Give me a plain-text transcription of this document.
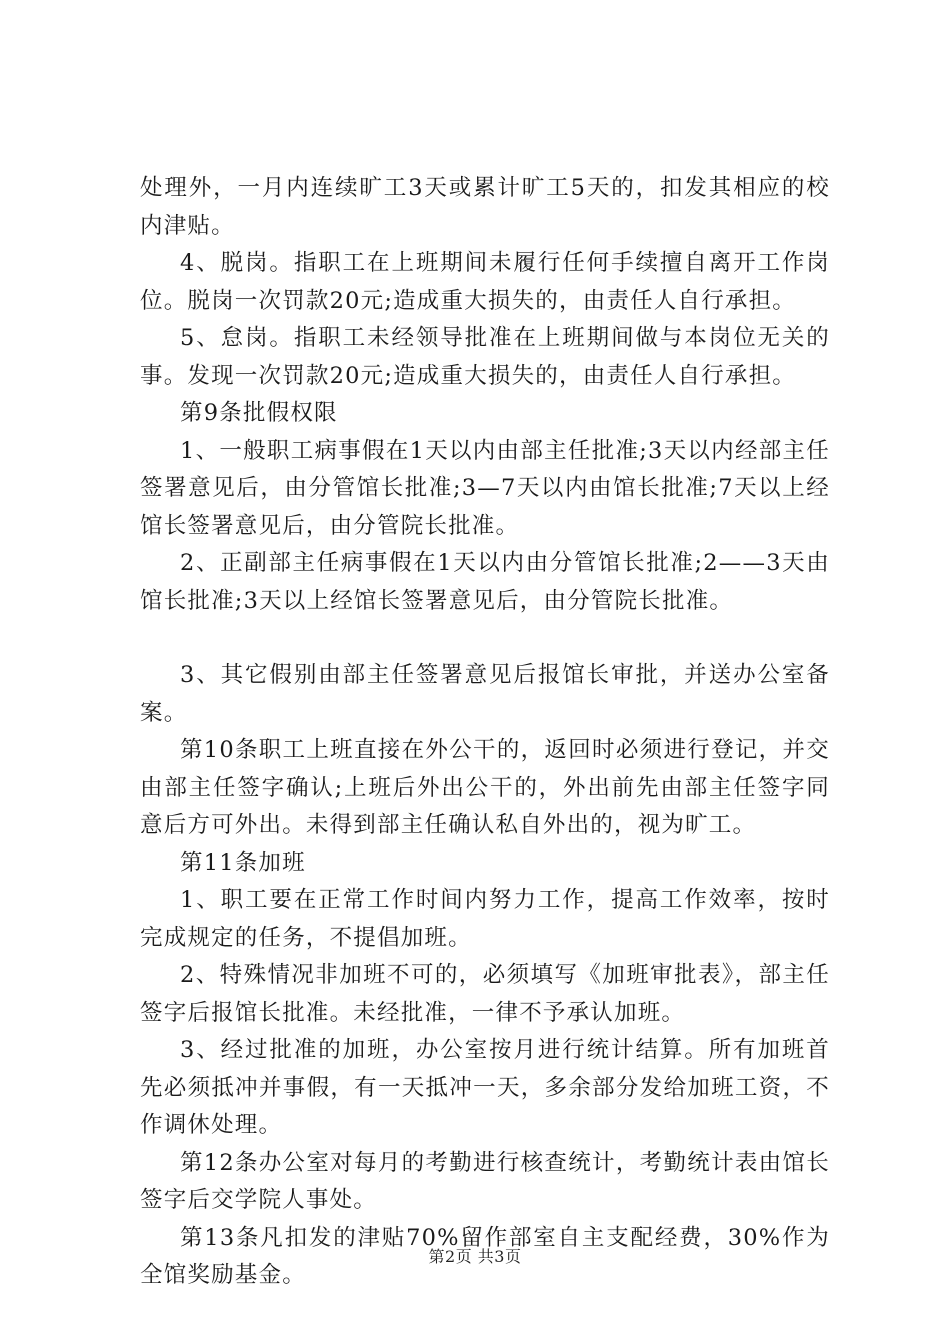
处理外，一月内连续旷工3天或累计旷工5天的，扣发其相应的校内津贴。

4、脱岗。指职工在上班期间未履行任何手续擅自离开工作岗位。脱岗一次罚款20元;造成重大损失的，由责任人自行承担。

5、怠岗。指职工未经领导批准在上班期间做与本岗位无关的事。发现一次罚款20元;造成重大损失的，由责任人自行承担。

第9条批假权限

1、一般职工病事假在1天以内由部主任批准;3天以内经部主任签署意见后，由分管馆长批准;3—7天以内由馆长批准;7天以上经馆长签署意见后，由分管院长批准。

2、正副部主任病事假在1天以内由分管馆长批准;2——3天由馆长批准;3天以上经馆长签署意见后，由分管院长批准。

3、其它假别由部主任签署意见后报馆长审批，并送办公室备案。

第10条职工上班直接在外公干的，返回时必须进行登记，并交由部主任签字确认;上班后外出公干的，外出前先由部主任签字同意后方可外出。未得到部主任确认私自外出的，视为旷工。

第11条加班

1、职工要在正常工作时间内努力工作，提高工作效率，按时完成规定的任务，不提倡加班。

2、特殊情况非加班不可的，必须填写《加班审批表》，部主任签字后报馆长批准。未经批准，一律不予承认加班。

3、经过批准的加班，办公室按月进行统计结算。所有加班首先必须抵冲并事假，有一天抵冲一天，多余部分发给加班工资，不作调休处理。

第12条办公室对每月的考勤进行核查统计，考勤统计表由馆长签字后交学院人事处。

第13条凡扣发的津贴70%留作部室自主支配经费，30%作为全馆奖励基金。

第2页 共3页
